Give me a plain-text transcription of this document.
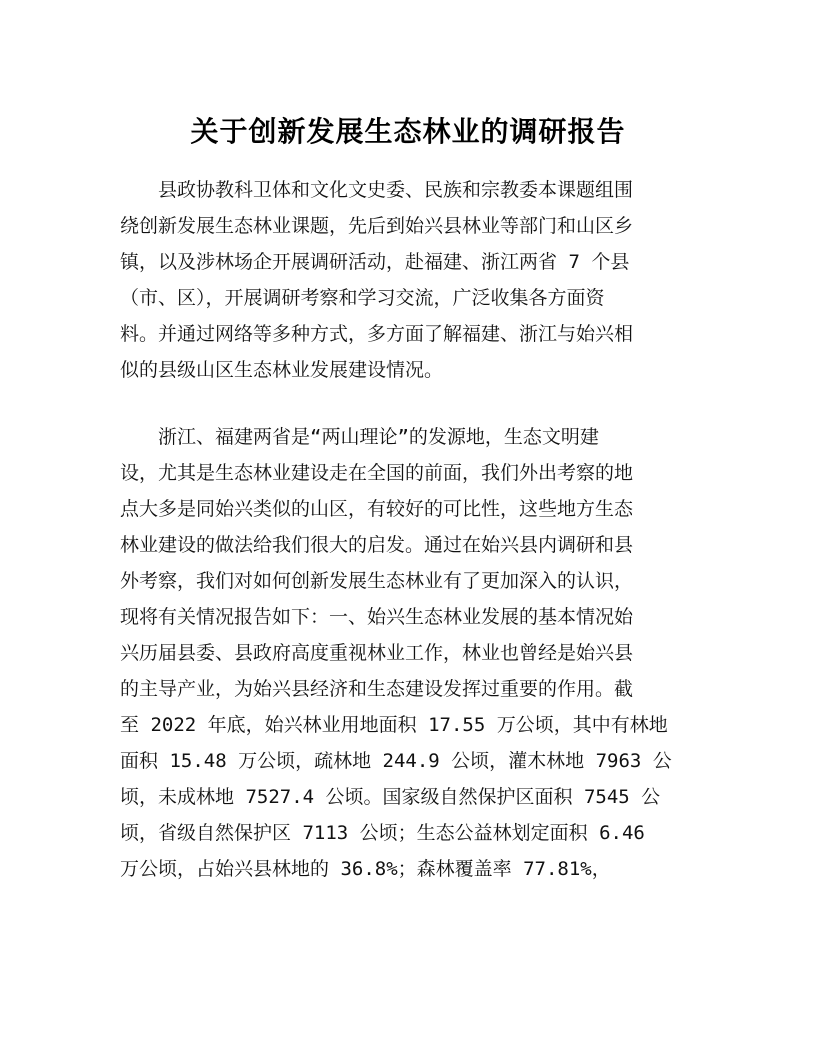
关于创新发展生态林业的调研报告
　　县政协教科卫体和文化文史委、民族和宗教委本课题组围
绕创新发展生态林业课题，先后到始兴县林业等部门和山区乡
镇，以及涉林场企开展调研活动，赴福建、浙江两省 7 个县
（市、区），开展调研考察和学习交流，广泛收集各方面资
料。并通过网络等多种方式，多方面了解福建、浙江与始兴相
似的县级山区生态林业发展建设情况。
　　浙江、福建两省是“两山理论”的发源地，生态文明建
设，尤其是生态林业建设走在全国的前面，我们外出考察的地
点大多是同始兴类似的山区，有较好的可比性，这些地方生态
林业建设的做法给我们很大的启发。通过在始兴县内调研和县
外考察，我们对如何创新发展生态林业有了更加深入的认识，
现将有关情况报告如下：一、始兴生态林业发展的基本情况始
兴历届县委、县政府高度重视林业工作，林业也曾经是始兴县
的主导产业，为始兴县经济和生态建设发挥过重要的作用。截
至 2022 年底，始兴林业用地面积 17.55 万公顷，其中有林地
面积 15.48 万公顷，疏林地 244.9 公顷，灌木林地 7963 公
顷，未成林地 7527.4 公顷。国家级自然保护区面积 7545 公
顷，省级自然保护区 7113 公顷；生态公益林划定面积 6.46
万公顷，占始兴县林地的 36.8%；森林覆盖率 77.81%，
